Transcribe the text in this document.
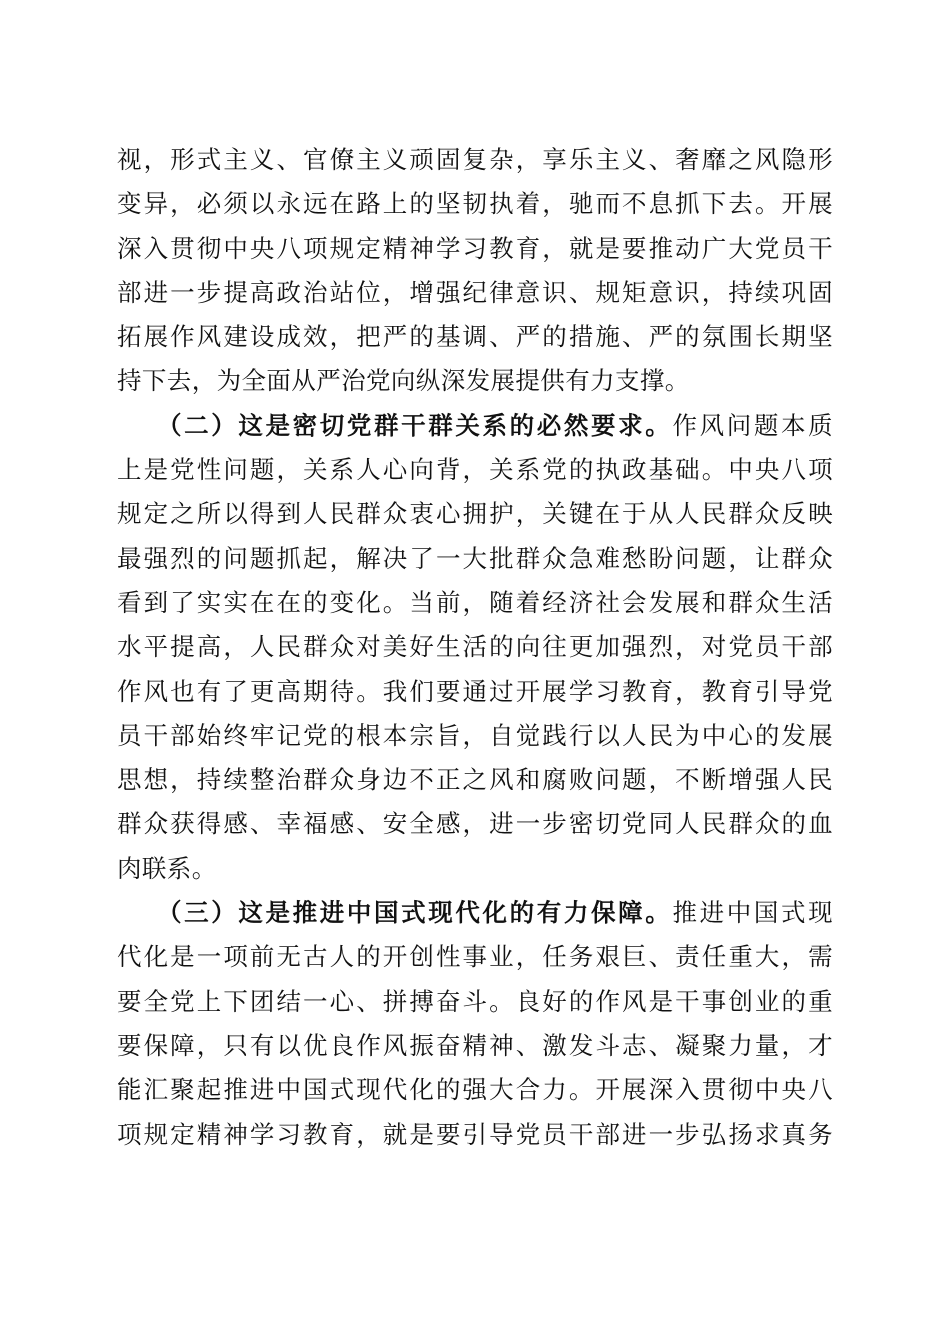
视，形式主义、官僚主义顽固复杂，享乐主义、奢靡之风隐形
变异，必须以永远在路上的坚韧执着，驰而不息抓下去。开展
深入贯彻中央八项规定精神学习教育，就是要推动广大党员干
部进一步提高政治站位，增强纪律意识、规矩意识，持续巩固
拓展作风建设成效，把严的基调、严的措施、严的氛围长期坚
持下去，为全面从严治党向纵深发展提供有力支撑。
（二）这是密切党群干群关系的必然要求。作风问题本质
上是党性问题，关系人心向背，关系党的执政基础。中央八项
规定之所以得到人民群众衷心拥护，关键在于从人民群众反映
最强烈的问题抓起，解决了一大批群众急难愁盼问题，让群众
看到了实实在在的变化。当前，随着经济社会发展和群众生活
水平提高，人民群众对美好生活的向往更加强烈，对党员干部
作风也有了更高期待。我们要通过开展学习教育，教育引导党
员干部始终牢记党的根本宗旨，自觉践行以人民为中心的发展
思想，持续整治群众身边不正之风和腐败问题，不断增强人民
群众获得感、幸福感、安全感，进一步密切党同人民群众的血
肉联系。
（三）这是推进中国式现代化的有力保障。推进中国式现
代化是一项前无古人的开创性事业，任务艰巨、责任重大，需
要全党上下团结一心、拼搏奋斗。良好的作风是干事创业的重
要保障，只有以优良作风振奋精神、激发斗志、凝聚力量，才
能汇聚起推进中国式现代化的强大合力。开展深入贯彻中央八
项规定精神学习教育，就是要引导党员干部进一步弘扬求真务
